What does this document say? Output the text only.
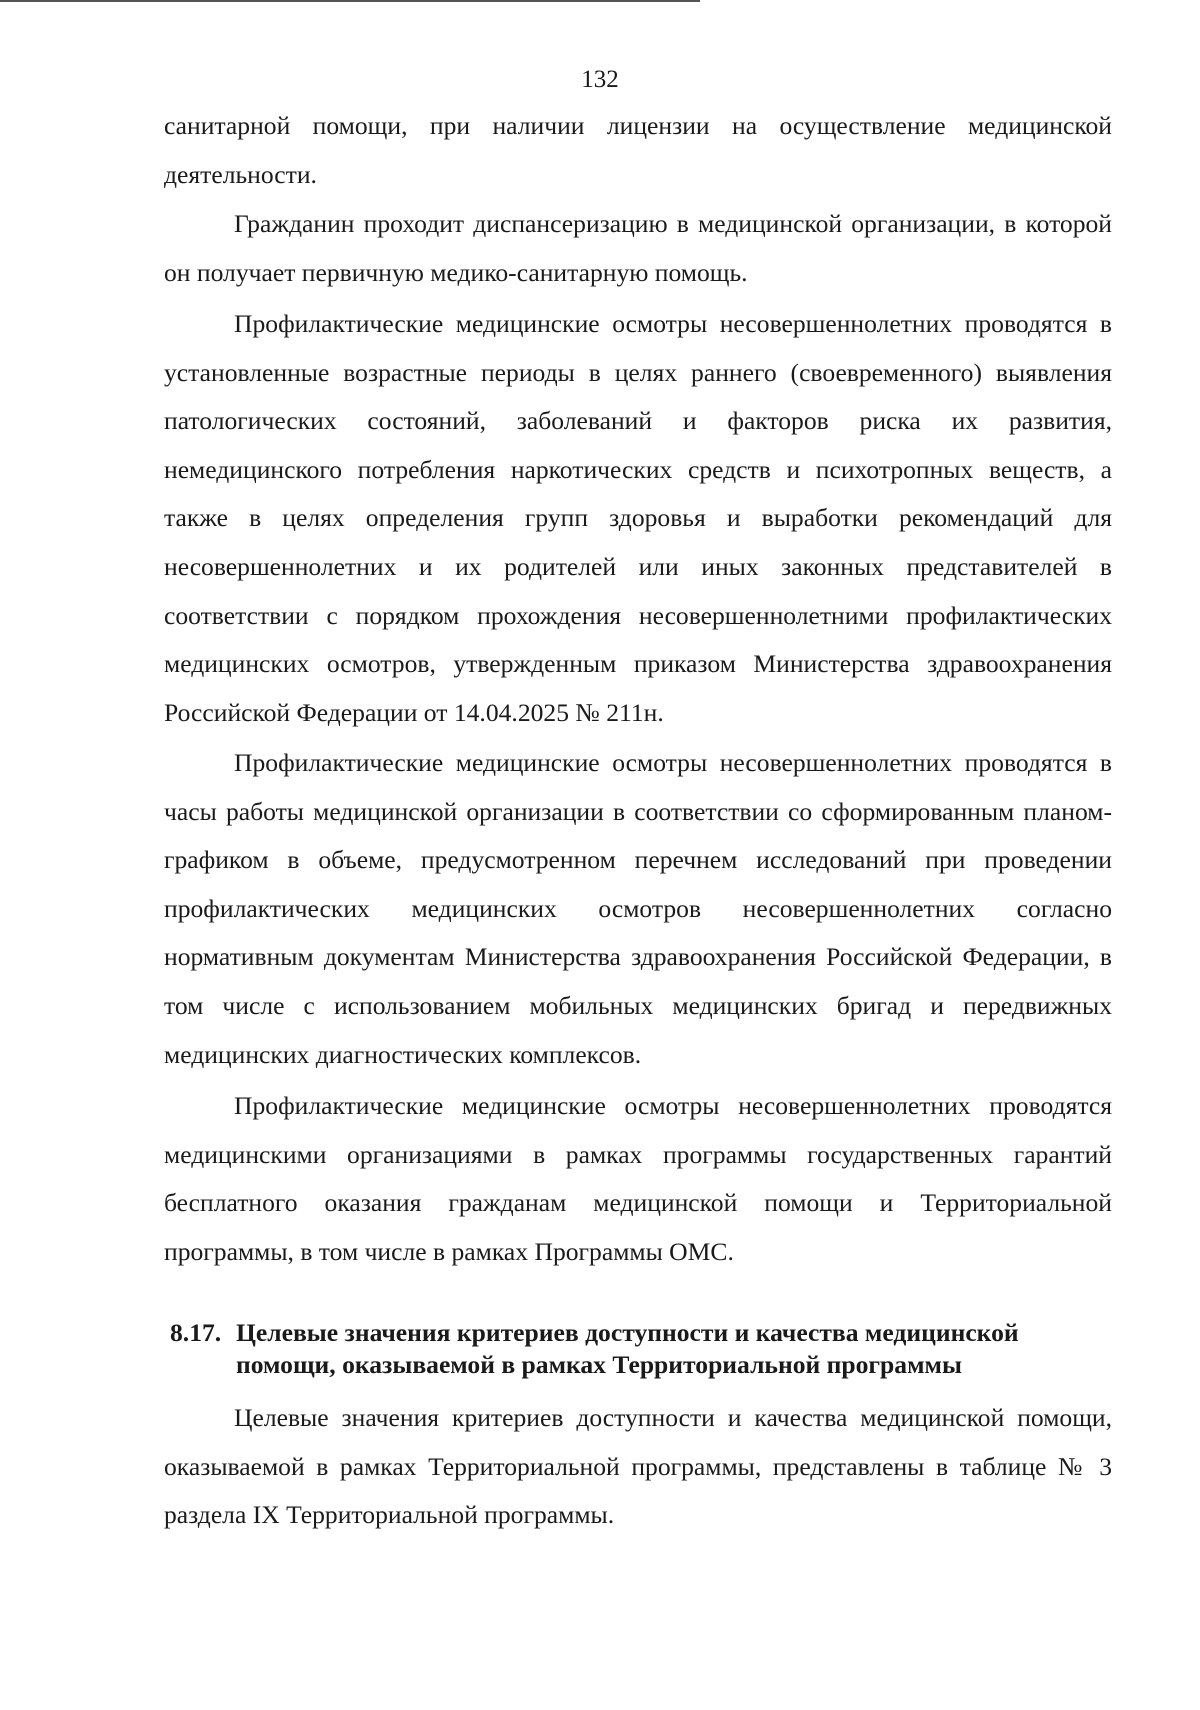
132

санитарной помощи, при наличии лицензии на осуществление медицинской деятельности.

Гражданин проходит диспансеризацию в медицинской организации, в которой он получает первичную медико-санитарную помощь.

Профилактические медицинские осмотры несовершеннолетних проводятся в установленные возрастные периоды в целях раннего (своевременного) выявления патологических состояний, заболеваний и факторов риска их развития, немедицинского потребления наркотических средств и психотропных веществ, а также в целях определения групп здоровья и выработки рекомендаций для несовершеннолетних и их родителей или иных законных представителей в соответствии с порядком прохождения несовершеннолетними профилактических медицинских осмотров, утвержденным приказом Министерства здравоохранения Российской Федерации от 14.04.2025 № 211н.

Профилактические медицинские осмотры несовершеннолетних проводятся в часы работы медицинской организации в соответствии со сформированным планом-графиком в объеме, предусмотренном перечнем исследований при проведении профилактических медицинских осмотров несовершеннолетних согласно нормативным документам Министерства здравоохранения Российской Федерации, в том числе с использованием мобильных медицинских бригад и передвижных медицинских диагностических комплексов.

Профилактические медицинские осмотры несовершеннолетних проводятся медицинскими организациями в рамках программы государственных гарантий бесплатного оказания гражданам медицинской помощи и Территориальной программы, в том числе в рамках Программы ОМС.

8.17. Целевые значения критериев доступности и качества медицинской
помощи, оказываемой в рамках Территориальной программы

Целевые значения критериев доступности и качества медицинской помощи, оказываемой в рамках Территориальной программы, представлены в таблице № 3 раздела IX Территориальной программы.
